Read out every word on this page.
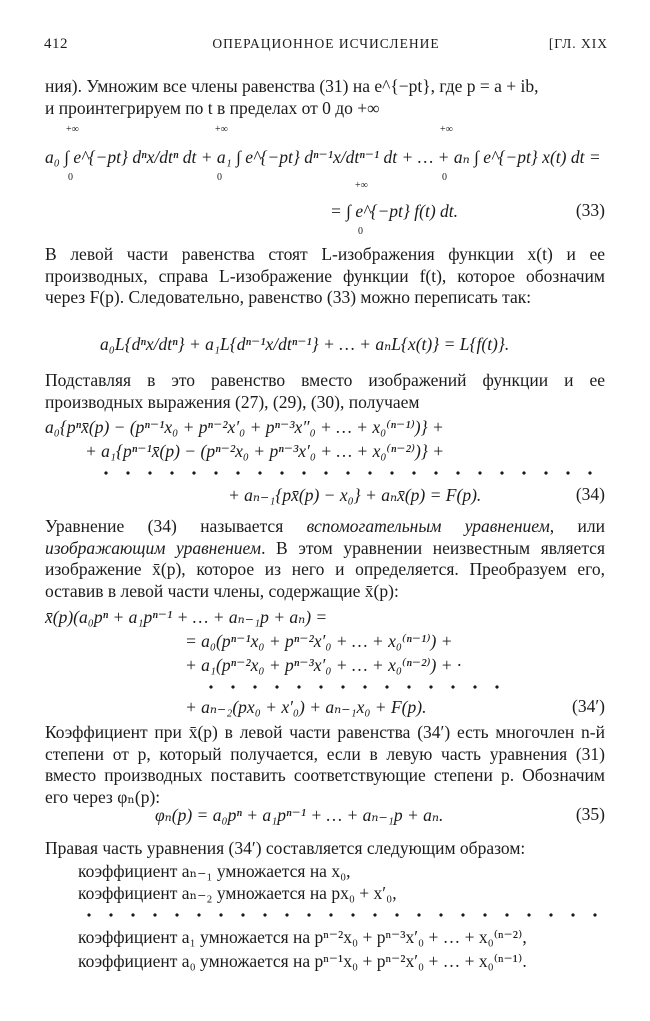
412	ОПЕРАЦИОННОЕ ИСЧИСЛЕНИЕ	[ГЛ. XIX
ния). Умножим все члены равенства (31) на e^{−pt}, где p = a + ib,
и проинтегрируем по t в пределах от 0 до +∞
+∞	+∞	+∞
0	0	0
a₀ ∫ e^{−pt} dⁿx/dtⁿ dt + a₁ ∫ e^{−pt} dⁿ⁻¹x/dtⁿ⁻¹ dt + … + aₙ ∫ e^{−pt} x(t) dt =
+∞
0
= ∫ e^{−pt} f(t) dt.	(33)
В левой части равенства стоят L-изображения функции x(t) и ее производных, справа L-изображение функции f(t), которое обозначим через F(p). Следовательно, равенство (33) можно переписать так:
a₀L{dⁿx/dtⁿ} + a₁L{dⁿ⁻¹x/dtⁿ⁻¹} + … + aₙL{x(t)} = L{f(t)}.
Подставляя в это равенство вместо изображений функции и ее производных выражения (27), (29), (30), получаем
a₀{pⁿx̄(p) − (pⁿ⁻¹x₀ + pⁿ⁻²x′₀ + pⁿ⁻³x″₀ + … + x₀⁽ⁿ⁻¹⁾)} +
+ a₁{pⁿ⁻¹x̄(p) − (pⁿ⁻²x₀ + pⁿ⁻³x′₀ + … + x₀⁽ⁿ⁻²⁾)} +
+ aₙ₋₁{px̄(p) − x₀} + aₙx̄(p) = F(p).	(34)
Уравнение (34) называется вспомогательным уравнением, или изображающим уравнением. В этом уравнении неизвестным является изображение x̄(p), которое из него и определяется. Преобразуем его, оставив в левой части члены, содержащие x̄(p):
x̄(p)(a₀pⁿ + a₁pⁿ⁻¹ + … + aₙ₋₁p + aₙ) =
= a₀(pⁿ⁻¹x₀ + pⁿ⁻²x′₀ + … + x₀⁽ⁿ⁻¹⁾) +
+ a₁(pⁿ⁻²x₀ + pⁿ⁻³x′₀ + … + x₀⁽ⁿ⁻²⁾) + ·
+ aₙ₋₂(px₀ + x′₀) + aₙ₋₁x₀ + F(p).	(34′)
Коэффициент при x̄(p) в левой части равенства (34′) есть многочлен n-й степени от p, который получается, если в левую часть уравнения (31) вместо производных поставить соответствующие степени p. Обозначим его через φₙ(p):
φₙ(p) = a₀pⁿ + a₁pⁿ⁻¹ + … + aₙ₋₁p + aₙ.	(35)
Правая часть уравнения (34′) составляется следующим образом:
коэффициент aₙ₋₁ умножается на x₀,
коэффициент aₙ₋₂ умножается на px₀ + x′₀,
коэффициент a₁ умножается на pⁿ⁻²x₀ + pⁿ⁻³x′₀ + … + x₀⁽ⁿ⁻²⁾,
коэффициент a₀ умножается на pⁿ⁻¹x₀ + pⁿ⁻²x′₀ + … + x₀⁽ⁿ⁻¹⁾.
